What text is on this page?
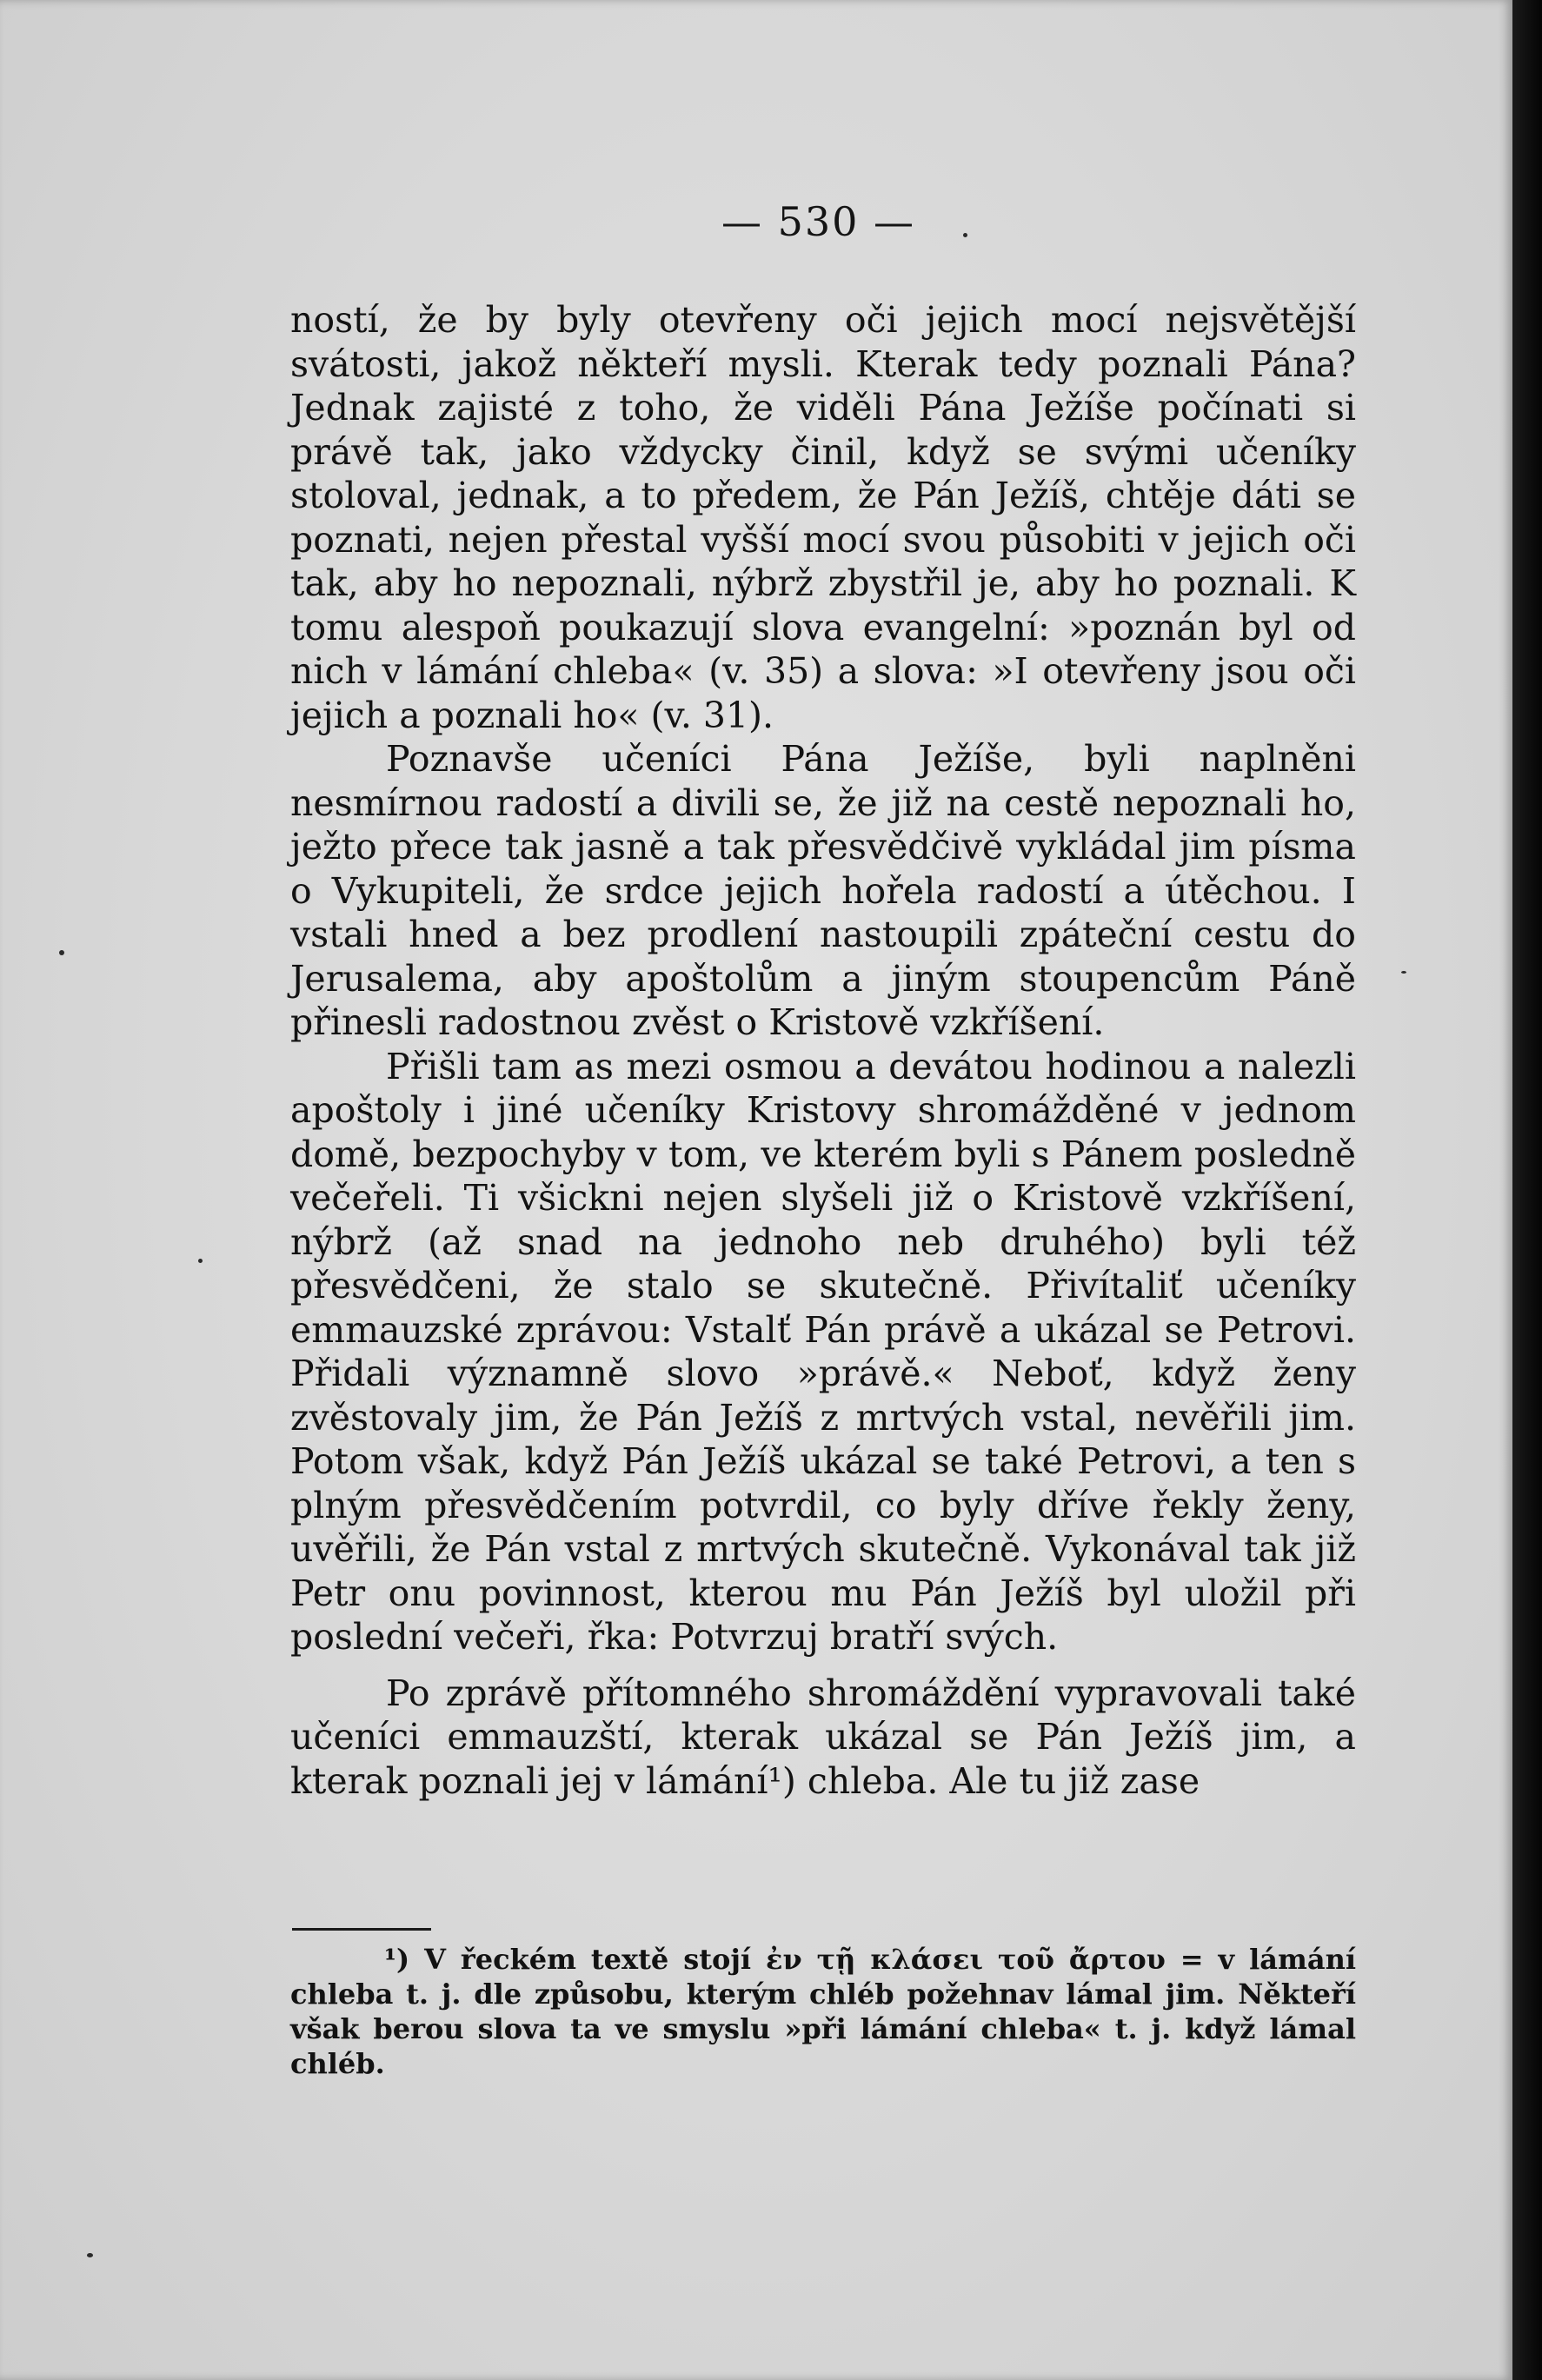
— 530 —

ností, že by byly otevřeny oči jejich mocí nejsvětější svátosti, jakož někteří mysli. Kterak tedy poznali Pána? Jednak zajisté z toho, že viděli Pána Ježíše počínati si právě tak, jako vždycky činil, když se svými učeníky stoloval, jednak, a to předem, že Pán Ježíš, chtěje dáti se poznati, nejen přestal vyšší mocí svou působiti v jejich oči tak, aby ho nepoznali, nýbrž zbystřil je, aby ho poznali. K tomu alespoň poukazují slova evangelní: »poznán byl od nich v lámání chleba« (v. 35) a slova: »I otevřeny jsou oči jejich a poznali ho« (v. 31).

Poznavše učeníci Pána Ježíše, byli naplněni nesmírnou radostí a divili se, že již na cestě nepoznali ho, ježto přece tak jasně a tak přesvědčivě vykládal jim písma o Vykupiteli, že srdce jejich hořela radostí a útěchou. I vstali hned a bez prodlení nastoupili zpáteční cestu do Jerusalema, aby apoštolům a jiným stoupencům Páně přinesli radostnou zvěst o Kristově vzkříšení.

Přišli tam as mezi osmou a devátou hodinou a nalezli apoštoly i jiné učeníky Kristovy shromážděné v jednom domě, bezpochyby v tom, ve kterém byli s Pánem posledně večeřeli. Ti všicknі nejen slyšeli již o Kristově vzkříšení, nýbrž (až snad na jednoho neb druhého) byli též přesvědčeni, že stalo se skutečně. Přivítaliť učeníky emmauzské zprávou: Vstalť Pán právě a ukázal se Petrovi. Přidali významně slovo »právě.« Neboť, když ženy zvěstovaly jim, že Pán Ježíš z mrtvých vstal, nevěřili jim. Potom však, když Pán Ježíš ukázal se také Petrovi, a ten s plným přesvědčením potvrdil, co byly dříve řekly ženy, uvěřili, že Pán vstal z mrtvých skutečně. Vykonával tak již Petr onu povinnost, kterou mu Pán Ježíš byl uložil při poslední večeři, řka: Potvrzuj bratří svých.

Po zprávě přítomného shromáždění vypravovali také učeníci emmauzští, kterak ukázal se Pán Ježíš jim, a kterak poznali jej v lámání¹) chleba. Ale tu již zase

¹) V řeckém textě stojí ἐν τῇ κλάσει τοῦ ἄρτου = v lámání chleba t. j. dle způsobu, kterým chléb požehnav lámal jim. Někteří však berou slova ta ve smyslu »při lámání chleba« t. j. když lámal chléb.
